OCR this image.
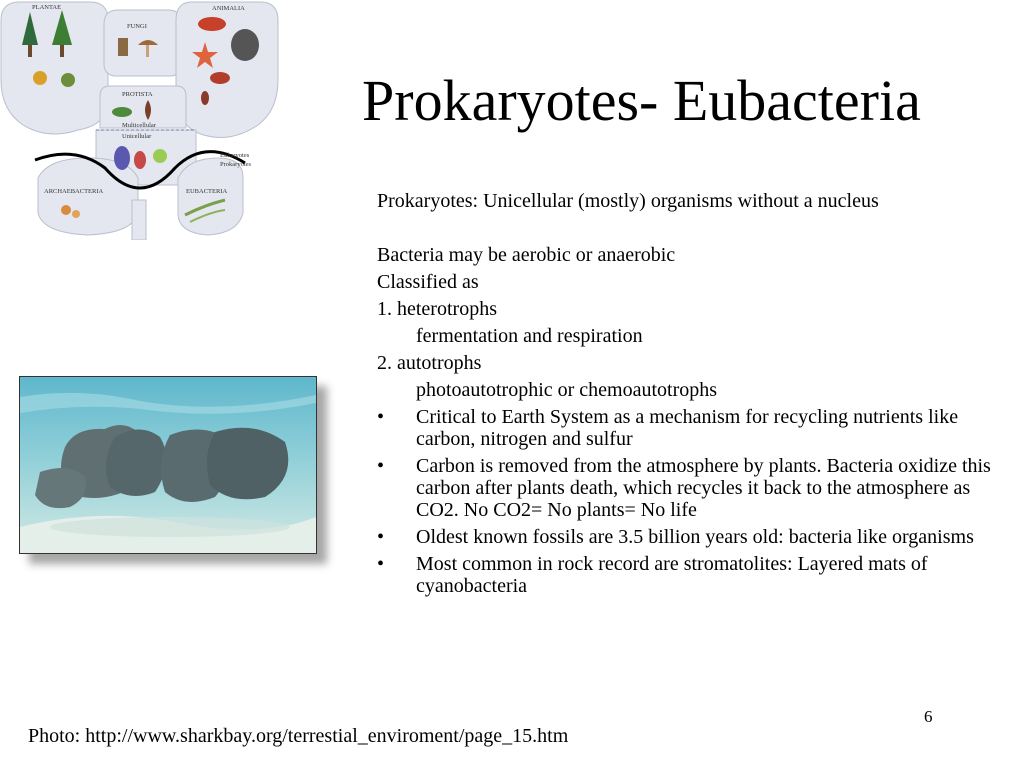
PLANTAE
FUNGI
ANIMALIA
PROTISTA
Multicellular
Unicellular
ARCHAEBACTERIA	EUBACTERIA
Eukaryotes
Prokaryotes
Prokaryotes- Eubacteria

Prokaryotes: Unicellular (mostly) organisms without a nucleus

Bacteria may be aerobic or anaerobic

Classified as

1. heterotrophs

fermentation and respiration

2. autotrophs

photoautotrophic or chemoautotrophs

•	Critical to Earth System as a mechanism for recycling nutrients like carbon, nitrogen and sulfur
•	Carbon is removed from the atmosphere by plants. Bacteria oxidize this carbon after plants death, which recycles it back to the atmosphere as CO2. No CO2= No plants= No life
•	Oldest known fossils are 3.5 billion years old: bacteria like organisms
•	Most common in rock record are stromatolites: Layered mats of cyanobacteria
6
Photo: http://www.sharkbay.org/terrestial_enviroment/page_15.htm
